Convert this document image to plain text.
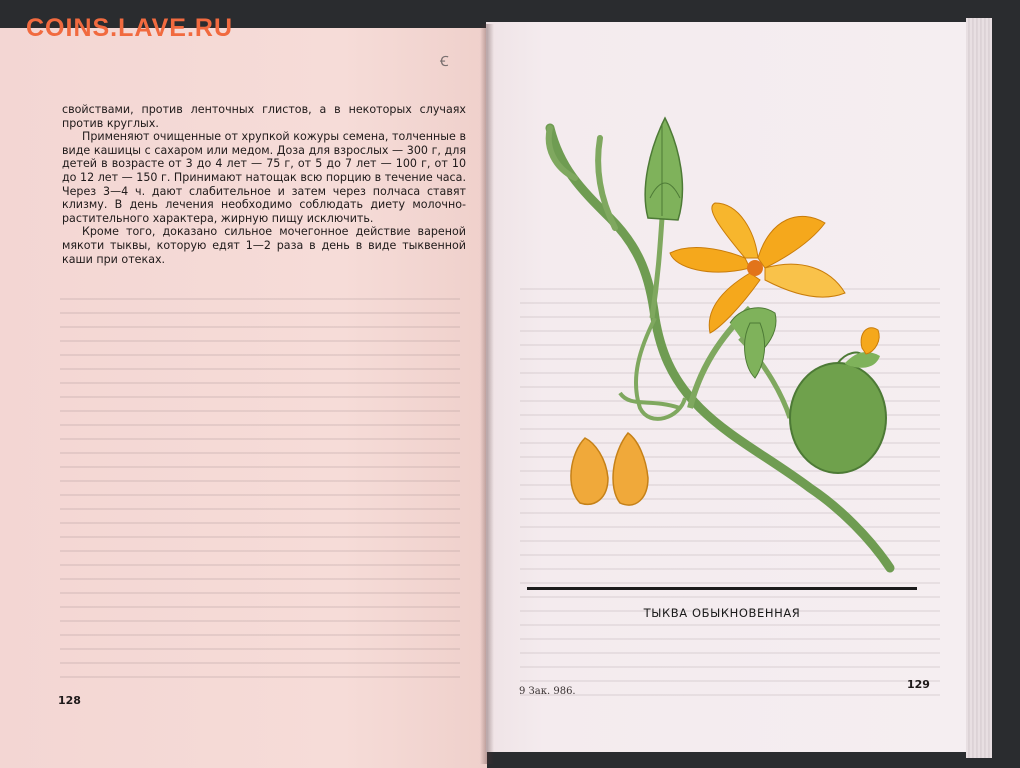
COINS.LAVE.RU
Ꞓ

свойствами, против ленточных глистов, а в некоторых случаях против круглых.

Применяют очищенные от хрупкой кожуры семена, толченные в виде кашицы с сахаром или медом. Доза для взрослых — 300 г, для детей в возрасте от 3 до 4 лет — 75 г, от 5 до 7 лет — 100 г, от 10 до 12 лет — 150 г. Принимают натощак всю порцию в течение часа. Через 3—4 ч. дают слабительное и затем через полчаса ставят клизму. В день лечения необходимо соблюдать диету молочно-растительного характера, жирную пищу исключить.

Кроме того, доказано сильное мочегонное действие вареной мякоти тыквы, которую едят 1—2 раза в день в виде тыквенной каши при отеках.

128
ТЫКВА ОБЫКНОВЕННАЯ
9 Зак. 986.
129
